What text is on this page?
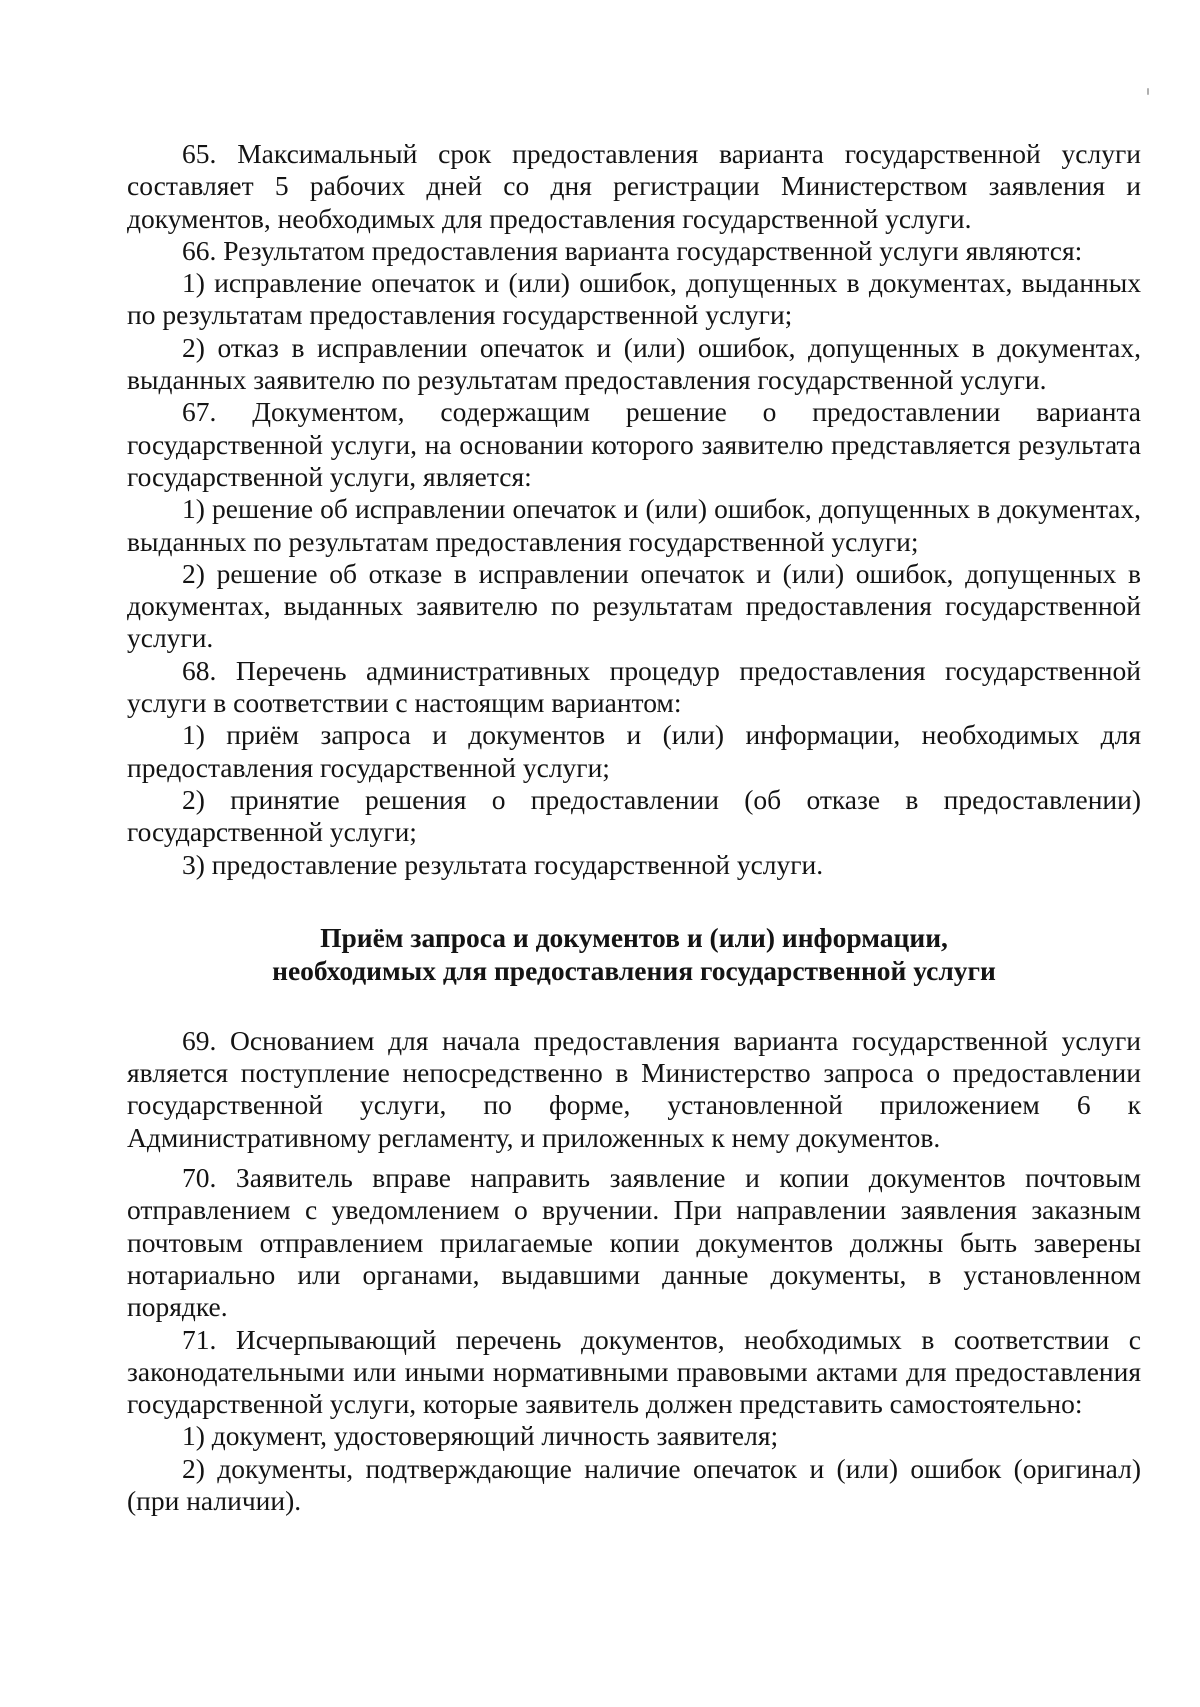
65. Максимальный срок предоставления варианта государственной услуги составляет 5 рабочих дней со дня регистрации Министерством заявления и документов, необходимых для предоставления государственной услуги.

66. Результатом предоставления варианта государственной услуги являются:

1) исправление опечаток и (или) ошибок, допущенных в документах, выданных по результатам предоставления государственной услуги;

2) отказ в исправлении опечаток и (или) ошибок, допущенных в документах, выданных заявителю по результатам предоставления государственной услуги.

67. Документом, содержащим решение о предоставлении варианта государственной услуги, на основании которого заявителю представляется результата государственной услуги, является:

1) решение об исправлении опечаток и (или) ошибок, допущенных в документах, выданных по результатам предоставления государственной услуги;

2) решение об отказе в исправлении опечаток и (или) ошибок, допущенных в документах, выданных заявителю по результатам предоставления государственной услуги.

68. Перечень административных процедур предоставления государственной услуги в соответствии с настоящим вариантом:

1) приём запроса и документов и (или) информации, необходимых для предоставления государственной услуги;

2) принятие решения о предоставлении (об отказе в предоставлении) государственной услуги;

3) предоставление результата государственной услуги.

Приём запроса и документов и (или) информации,
необходимых для предоставления государственной услуги

69. Основанием для начала предоставления варианта государственной услуги является поступление непосредственно в Министерство запроса о предоставлении государственной услуги, по форме, установленной приложением 6 к Административному регламенту, и приложенных к нему документов.

70. Заявитель вправе направить заявление и копии документов почтовым отправлением с уведомлением о вручении. При направлении заявления заказным почтовым отправлением прилагаемые копии документов должны быть заверены нотариально или органами, выдавшими данные документы, в установленном порядке.

71. Исчерпывающий перечень документов, необходимых в соответствии с законодательными или иными нормативными правовыми актами для предоставления государственной услуги, которые заявитель должен представить самостоятельно:

1) документ, удостоверяющий личность заявителя;

2) документы, подтверждающие наличие опечаток и (или) ошибок (оригинал) (при наличии).
